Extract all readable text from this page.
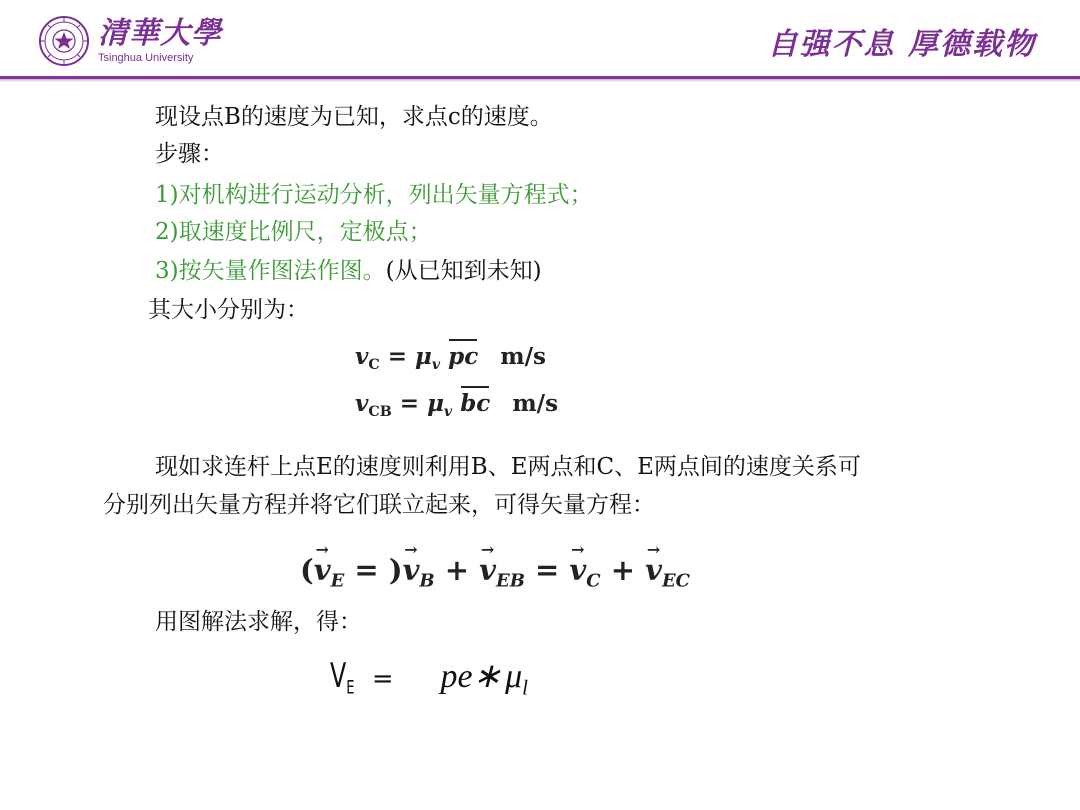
清華大學
Tsinghua University	自强不息 厚德载物
现设点B的速度为已知，求点c的速度。
步骤：
1)对机构进行运动分析，列出矢量方程式；
2)取速度比例尺，定极点；
3)按矢量作图法作图。(从已知到未知)
其大小分别为：
$v_C = \mu_v$ pc m/s
$v_{CB} = \mu_v$ bc m/s
现如求连杆上点E的速度则利用B、E两点和C、E两点间的速度关系可
分别列出矢量方程并将它们联立起来，可得矢量方程：
(→ $v_E$ = )→ $v_B$ + → $v_{EB}$ = → $v_C$ + → $v_{EC}$
用图解法求解，得：
$V_E$ = pe∗ $\mu_l$
